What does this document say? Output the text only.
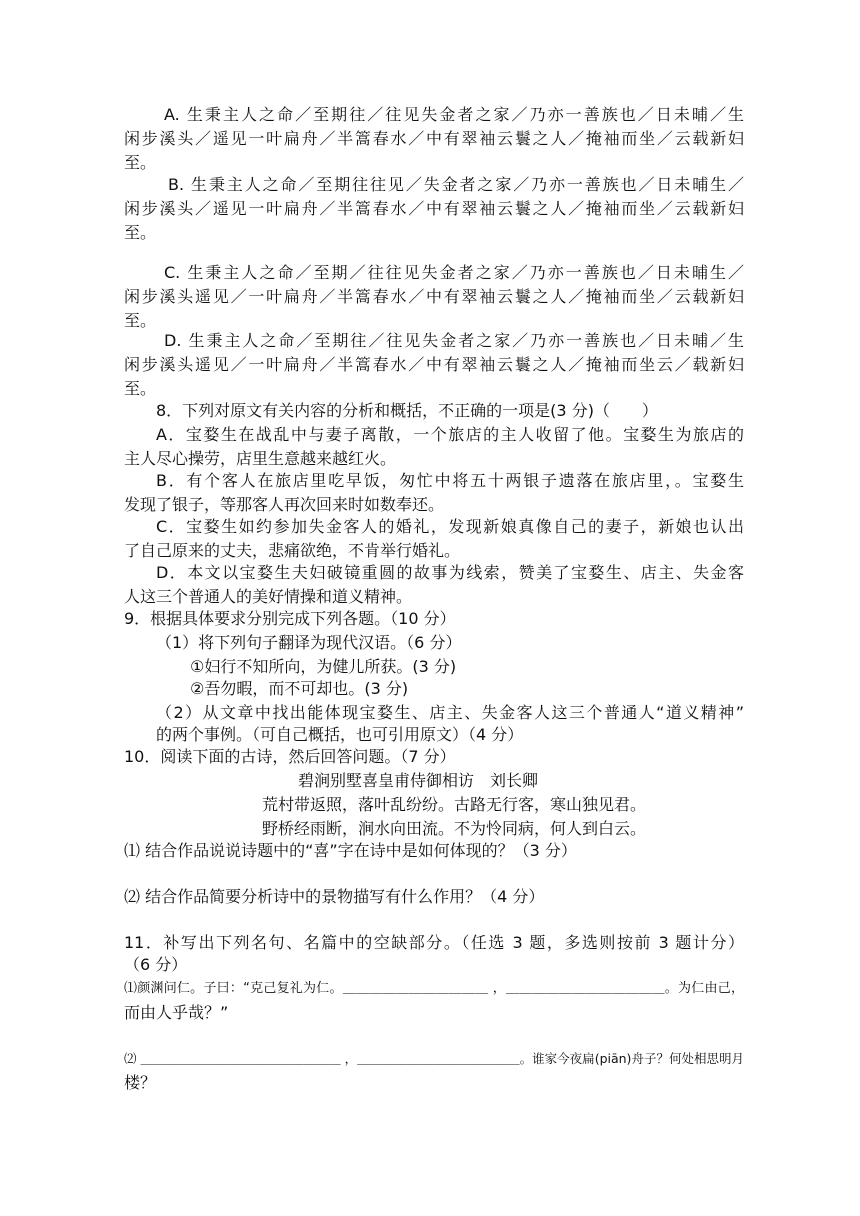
A. 生秉主人之命／至期往／往见失金者之家／乃亦一善族也／日未晡／生
闲步溪头／遥见一叶扁舟／半篙春水／中有翠袖云鬟之人／掩袖而坐／云载新妇
至。
B. 生秉主人之命／至期往往见／失金者之家／乃亦一善族也／日未晡生／
闲步溪头／遥见一叶扁舟／半篙春水／中有翠袖云鬟之人／掩袖而坐／云载新妇
至。
C. 生秉主人之命／至期／往往见失金者之家／乃亦一善族也／日未晡生／
闲步溪头遥见／一叶扁舟／半篙春水／中有翠袖云鬟之人／掩袖而坐／云载新妇
至。
D. 生秉主人之命／至期往／往见失金者之家／乃亦一善族也／日未晡／生
闲步溪头遥见／一叶扁舟／半篙春水／中有翠袖云鬟之人／掩袖而坐云／载新妇
至。
8．下列对原文有关内容的分析和概括，不正确的一项是(3 分)（　　）
A．宝婺生在战乱中与妻子离散，一个旅店的主人收留了他。宝婺生为旅店的
主人尽心操劳，店里生意越来越红火。
B．有个客人在旅店里吃早饭，匆忙中将五十两银子遗落在旅店里，。宝婺生
发现了银子，等那客人再次回来时如数奉还。
C．宝婺生如约参加失金客人的婚礼，发现新娘真像自己的妻子，新娘也认出
了自己原来的丈夫，悲痛欲绝，不肯举行婚礼。
D．本文以宝婺生夫妇破镜重圆的故事为线索，赞美了宝婺生、店主、失金客
人这三个普通人的美好情操和道义精神。
9．根据具体要求分别完成下列各题。（10 分）
（1）将下列句子翻译为现代汉语。（6 分）
①妇行不知所向，为健儿所获。(3 分)
②吾勿暇，而不可却也。(3 分)
（2）从文章中找出能体现宝婺生、店主、失金客人这三个普通人“道义精神”
的两个事例。（可自己概括，也可引用原文）（4 分）
10．阅读下面的古诗，然后回答问题。（7 分）
碧涧别墅喜皇甫侍御相访　刘长卿
荒村带返照，落叶乱纷纷。古路无行客，寒山独见君。
野桥经雨断，涧水向田流。不为怜同病，何人到白云。
⑴ 结合作品说说诗题中的“喜”字在诗中是如何体现的？（3 分）
⑵ 结合作品简要分析诗中的景物描写有什么作用？（4 分）
11．补写出下列名句、名篇中的空缺部分。（任选 3 题，多选则按前 3 题计分）
（6 分）
⑴颜渊问仁。子曰：“克己复礼为仁。＿＿＿＿＿＿＿＿＿＿＿ ，＿＿＿＿＿＿＿＿＿＿＿＿。为仁由己，
而由人乎哉？”
⑵ ＿＿＿＿＿＿＿＿＿＿＿＿＿＿＿＿ ，＿＿＿＿＿＿＿＿＿＿＿＿＿。谁家今夜扁(piān)舟子？何处相思明月
楼？
